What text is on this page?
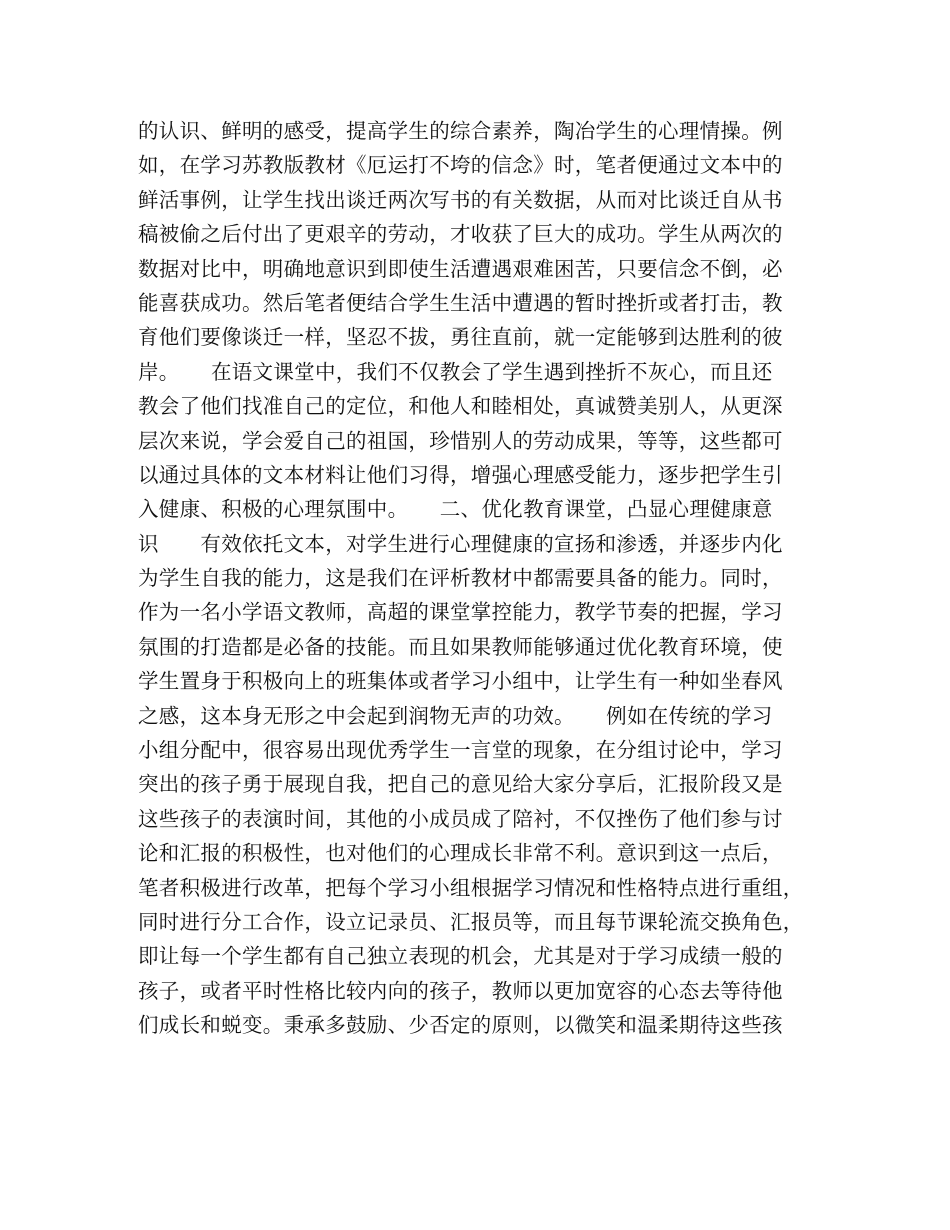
的认识、鲜明的感受，提高学生的综合素养，陶冶学生的心理情操。例
如，在学习苏教版教材《厄运打不垮的信念》时，笔者便通过文本中的
鲜活事例，让学生找出谈迁两次写书的有关数据，从而对比谈迁自从书
稿被偷之后付出了更艰辛的劳动，才收获了巨大的成功。学生从两次的
数据对比中，明确地意识到即使生活遭遇艰难困苦，只要信念不倒，必
能喜获成功。然后笔者便结合学生生活中遭遇的暂时挫折或者打击，教
育他们要像谈迁一样，坚忍不拔，勇往直前，就一定能够到达胜利的彼
岸。　　在语文课堂中，我们不仅教会了学生遇到挫折不灰心，而且还
教会了他们找准自己的定位，和他人和睦相处，真诚赞美别人，从更深
层次来说，学会爱自己的祖国，珍惜别人的劳动成果，等等，这些都可
以通过具体的文本材料让他们习得，增强心理感受能力，逐步把学生引
入健康、积极的心理氛围中。　　二、优化教育课堂，凸显心理健康意
识　　有效依托文本，对学生进行心理健康的宣扬和渗透，并逐步内化
为学生自我的能力，这是我们在评析教材中都需要具备的能力。同时，
作为一名小学语文教师，高超的课堂掌控能力，教学节奏的把握，学习
氛围的打造都是必备的技能。而且如果教师能够通过优化教育环境，使
学生置身于积极向上的班集体或者学习小组中，让学生有一种如坐春风
之感，这本身无形之中会起到润物无声的功效。　　例如在传统的学习
小组分配中，很容易出现优秀学生一言堂的现象，在分组讨论中，学习
突出的孩子勇于展现自我，把自己的意见给大家分享后，汇报阶段又是
这些孩子的表演时间，其他的小成员成了陪衬，不仅挫伤了他们参与讨
论和汇报的积极性，也对他们的心理成长非常不利。意识到这一点后，
笔者积极进行改革，把每个学习小组根据学习情况和性格特点进行重组，
同时进行分工合作，设立记录员、汇报员等，而且每节课轮流交换角色，
即让每一个学生都有自己独立表现的机会，尤其是对于学习成绩一般的
孩子，或者平时性格比较内向的孩子，教师以更加宽容的心态去等待他
们成长和蜕变。秉承多鼓励、少否定的原则，以微笑和温柔期待这些孩
